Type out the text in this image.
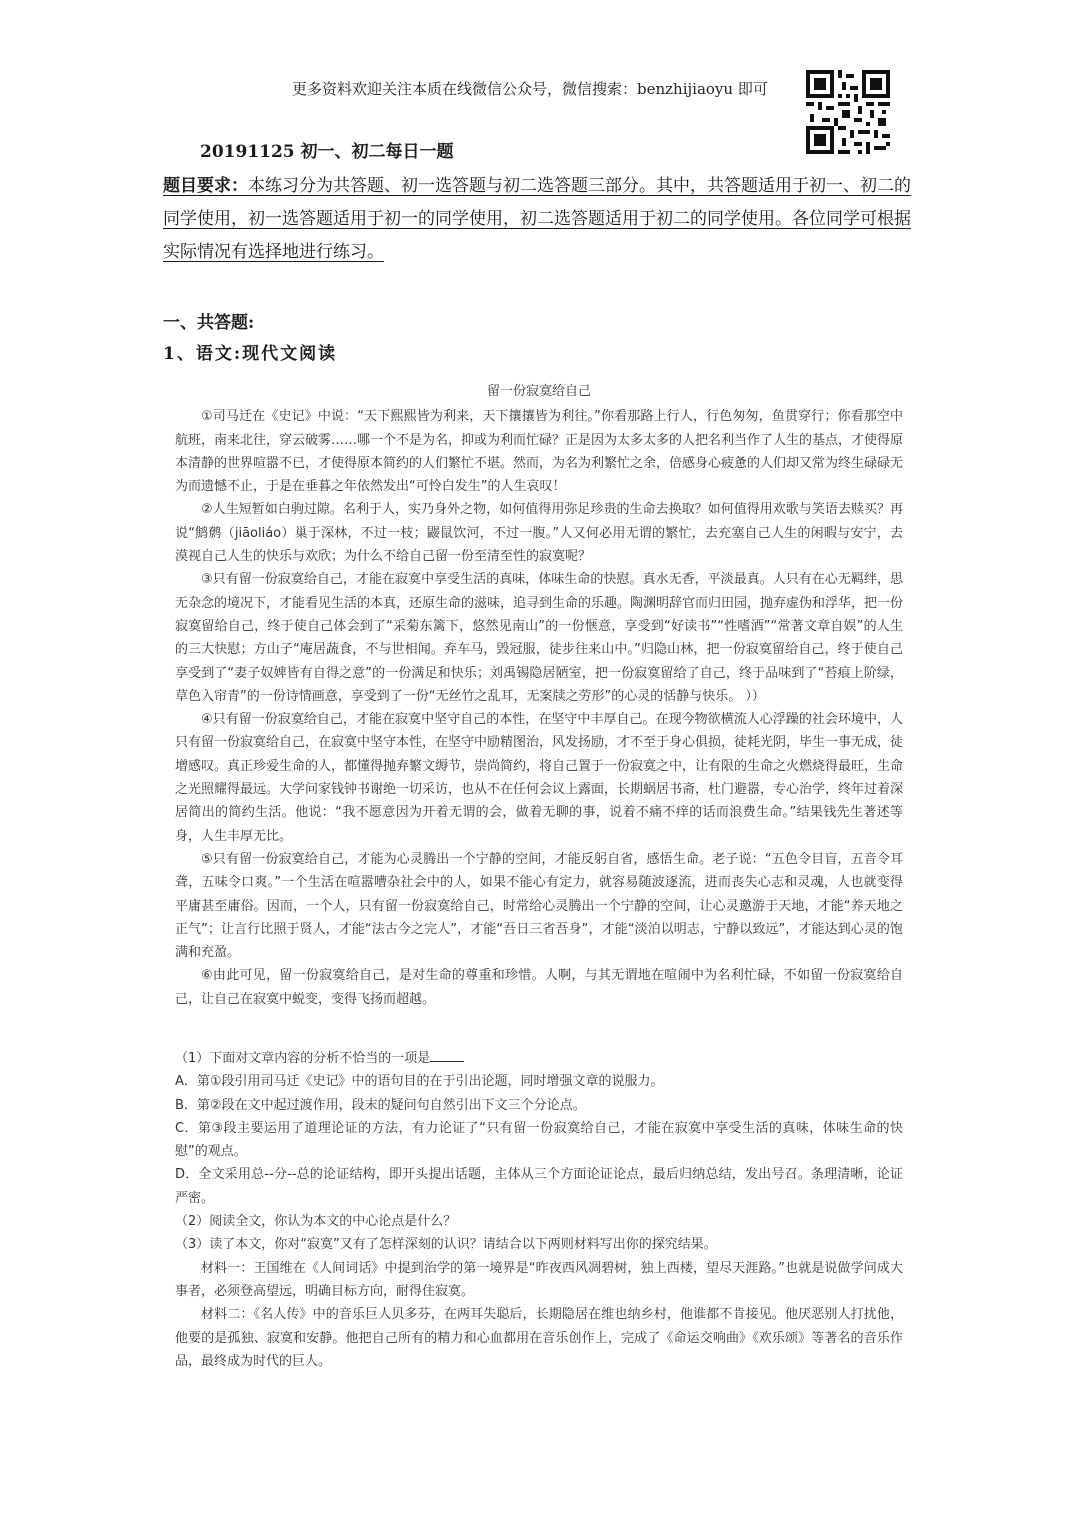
更多资料欢迎关注本质在线微信公众号，微信搜索：benzhijiaoyu 即可
20191125 初一、初二每日一题
题目要求：本练习分为共答题、初一选答题与初二选答题三部分。其中，共答题适用于初一、初二的同学使用，初一选答题适用于初一的同学使用，初二选答题适用于初二的同学使用。各位同学可根据实际情况有选择地进行练习。
一、共答题:
1、语文:现代文阅读
留一份寂寞给自己

①司马迁在《史记》中说：“天下熙熙皆为利来，天下攘攘皆为利往。”你看那路上行人，行色匆匆，鱼贯穿行；你看那空中航班，南来北往，穿云破雾……哪一个不是为名，抑或为利而忙碌？正是因为太多太多的人把名利当作了人生的基点，才使得原本清静的世界喧嚣不已，才使得原本简约的人们繁忙不堪。然而，为名为利繁忙之余，倍感身心疲惫的人们却又常为终生碌碌无为而遗憾不止，于是在垂暮之年依然发出“可怜白发生”的人生哀叹！

②人生短暂如白驹过隙。名利于人，实乃身外之物，如何值得用弥足珍贵的生命去换取？如何值得用欢歌与笑语去赎买？再说“鹪鹩（jiāoliáo）巢于深林，不过一枝；鼹鼠饮河，不过一腹。”人又何必用无谓的繁忙，去充塞自己人生的闲暇与安宁，去漠视自己人生的快乐与欢欣；为什么不给自己留一份至清至性的寂寞呢？

③只有留一份寂寞给自己，才能在寂寞中享受生活的真味，体味生命的快慰。真水无香，平淡最真。人只有在心无羁绊，思无杂念的境况下，才能看见生活的本真，还原生命的滋味，追寻到生命的乐趣。陶渊明辞官而归田园，抛弃虚伪和浮华，把一份寂寞留给自己，终于使自己体会到了“采菊东篱下，悠然见南山”的一份惬意，享受到“好读书”“性嗜酒”“常著文章自娱”的人生的三大快慰；方山子“庵居蔬食，不与世相闻。弃车马，毁冠服，徒步往来山中。”归隐山林，把一份寂寞留给自己，终于使自己享受到了“妻子奴婢皆有自得之意”的一份满足和快乐；刘禹锡隐居陋室，把一份寂寞留给了自己，终于品味到了“苔痕上阶绿，草色入帘青”的一份诗情画意，享受到了一份“无丝竹之乱耳，无案牍之劳形”的心灵的恬静与快乐。 ））

④只有留一份寂寞给自己，才能在寂寞中坚守自己的本性，在坚守中丰厚自己。在现今物欲横流人心浮躁的社会环境中，人只有留一份寂寞给自己，在寂寞中坚守本性，在坚守中励精图治，风发扬励，才不至于身心俱损，徒耗光阴，毕生一事无成，徒增感叹。真正珍爱生命的人，都懂得抛弃繁文缛节，崇尚简约，将自己置于一份寂寞之中，让有限的生命之火燃烧得最旺，生命之光照耀得最远。大学问家钱钟书谢绝一切采访，也从不在任何会议上露面，长期蜗居书斋，杜门避嚣，专心治学，终年过着深居简出的简约生活。他说：“我不愿意因为开着无谓的会，做着无聊的事，说着不痛不痒的话而浪费生命。”结果钱先生著述等身，人生丰厚无比。

⑤只有留一份寂寞给自己，才能为心灵腾出一个宁静的空间，才能反躬自省，感悟生命。老子说：“五色令目盲，五音令耳聋，五味令口爽。”一个生活在喧嚣嘈杂社会中的人，如果不能心有定力，就容易随波逐流，进而丧失心志和灵魂，人也就变得平庸甚至庸俗。因而，一个人，只有留一份寂寞给自己，时常给心灵腾出一个宁静的空间，让心灵邀游于天地，才能“养天地之正气”；让言行比照于贤人，才能“法古今之完人”，才能“吾日三省吾身”，才能“淡泊以明志，宁静以致远”，才能达到心灵的饱满和充盈。

⑥由此可见，留一份寂寞给自己，是对生命的尊重和珍惜。人啊，与其无谓地在喧闹中为名利忙碌，不如留一份寂寞给自己，让自己在寂寞中蜕变，变得飞扬而超越。

（1）下面对文章内容的分析不恰当的一项是

A．第①段引用司马迁《史记》中的语句目的在于引出论题，同时增强文章的说服力。

B．第②段在文中起过渡作用，段末的疑问句自然引出下文三个分论点。

C．第③段主要运用了道理论证的方法，有力论证了“只有留一份寂寞给自己，才能在寂寞中享受生活的真味，体味生命的快慰”的观点。

D．全文采用总--分--总的论证结构，即开头提出话题，主体从三个方面论证论点，最后归纳总结，发出号召。条理清晰，论证严密。

（2）阅读全文，你认为本文的中心论点是什么？

（3）读了本文，你对“寂寞”又有了怎样深刻的认识？请结合以下两则材料写出你的探究结果。

材料一：王国维在《人间词话》中提到治学的第一境界是“昨夜西风凋碧树，独上西楼，望尽天涯路。”也就是说做学问成大事者，必须登高望远，明确目标方向，耐得住寂寞。

材料二：《名人传》中的音乐巨人贝多芬，在两耳失聪后，长期隐居在维也纳乡村，他谁都不肯接见。他厌恶别人打扰他，他要的是孤独、寂寞和安静。他把自己所有的精力和心血都用在音乐创作上，完成了《命运交响曲》《欢乐颂》等著名的音乐作品，最终成为时代的巨人。
